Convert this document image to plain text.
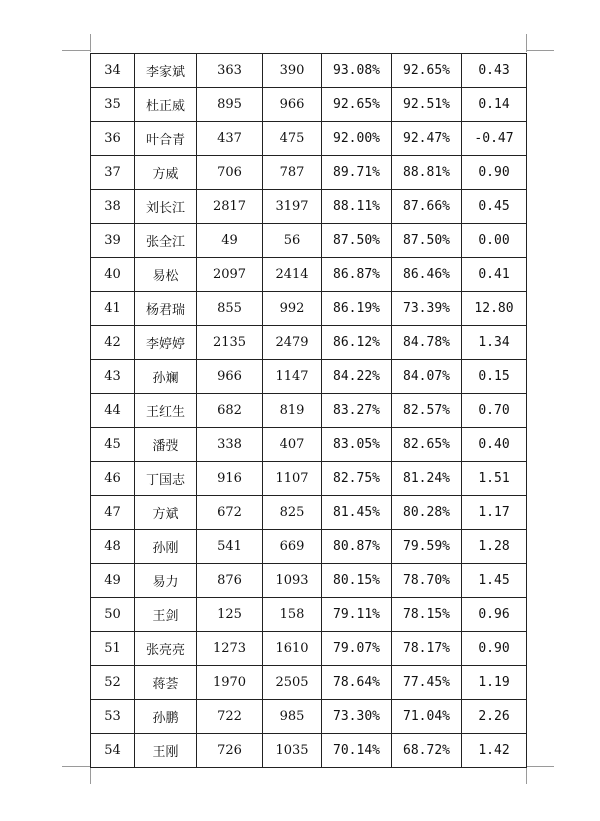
34	李家斌	363	390	93.08%	92.65%	0.43
35	杜正威	895	966	92.65%	92.51%	0.14
36	叶合青	437	475	92.00%	92.47%	-0.47
37	方威	706	787	89.71%	88.81%	0.90
38	刘长江	2817	3197	88.11%	87.66%	0.45
39	张全江	49	56	87.50%	87.50%	0.00
40	易松	2097	2414	86.87%	86.46%	0.41
41	杨君瑞	855	992	86.19%	73.39%	12.80
42	李婷婷	2135	2479	86.12%	84.78%	1.34
43	孙斓	966	1147	84.22%	84.07%	0.15
44	王红生	682	819	83.27%	82.57%	0.70
45	潘弢	338	407	83.05%	82.65%	0.40
46	丁国志	916	1107	82.75%	81.24%	1.51
47	方斌	672	825	81.45%	80.28%	1.17
48	孙刚	541	669	80.87%	79.59%	1.28
49	易力	876	1093	80.15%	78.70%	1.45
50	王剑	125	158	79.11%	78.15%	0.96
51	张亮亮	1273	1610	79.07%	78.17%	0.90
52	蒋荟	1970	2505	78.64%	77.45%	1.19
53	孙鹏	722	985	73.30%	71.04%	2.26
54	王刚	726	1035	70.14%	68.72%	1.42
